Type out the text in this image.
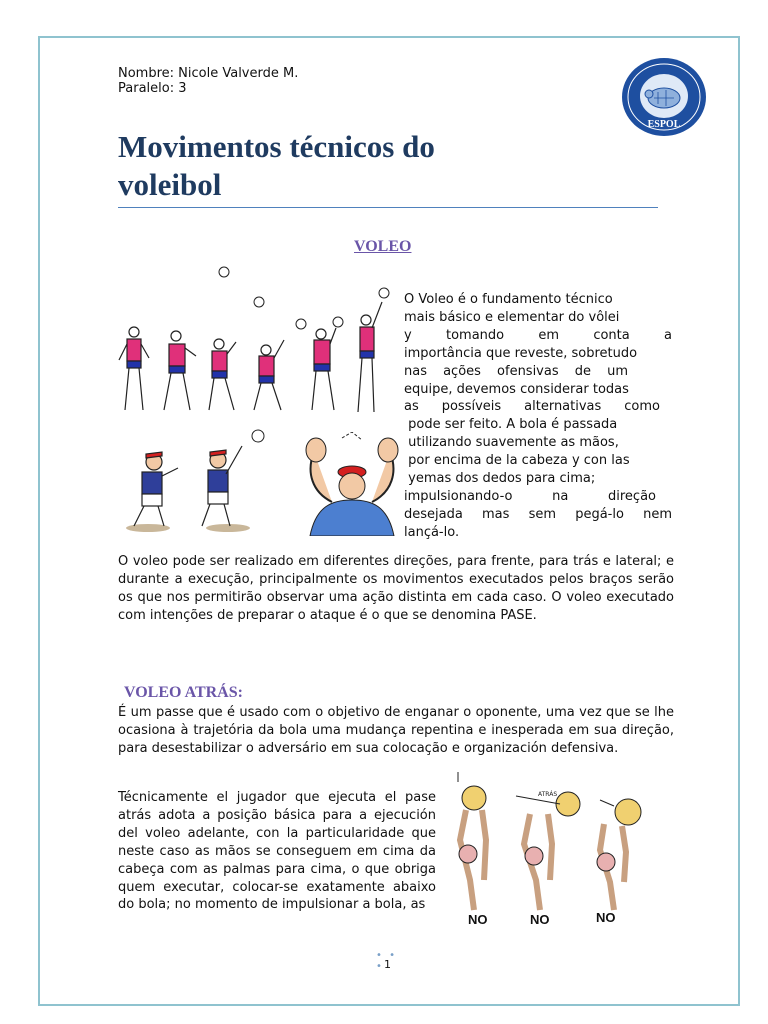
Nombre: Nicole Valverde M.
Paralelo: 3
ESPOL
Movimentos técnicos do
voleibol
VOLEO
O Voleo é o fundamento técnico
mais básico e elementar do vôlei
y tomando em conta a
importância que reveste, sobretudo
nas ações ofensivas de um
equipe, devemos considerar todas
as possíveis alternativas como
pode ser feito. A bola é passada
utilizando suavemente as mãos,
por encima de la cabeza y con las
yemas dos dedos para cima;
impulsionando-o na direção
desejada mas sem pegá-lo nem
lançá-lo.
O voleo pode ser realizado em diferentes direções, para frente, para trás e lateral; e durante a execução, principalmente os movimentos executados pelos braços serão os que nos permitirão observar uma ação distinta em cada caso. O voleo executado com intenções de preparar o ataque é o que se denomina PASE.
VOLEO ATRÁS:
É um passe que é usado com o objetivo de enganar o oponente, uma vez que se lhe ocasiona à trajetória da bola uma mudança repentina e inesperada em sua direção, para desestabilizar o adversário em sua colocação e organización defensiva.
Técnicamente el jugador que ejecuta el pase atrás adota a posição básica para a ejecución del voleo adelante, con la particularidade que neste caso as mãos se conseguem em cima da cabeça com as palmas para cima, o que obriga quem executar, colocar-se exatamente abaixo do bola; no momento de impulsionar a bola, as
ATRÁS
NO	NO	NO
• • • 1
